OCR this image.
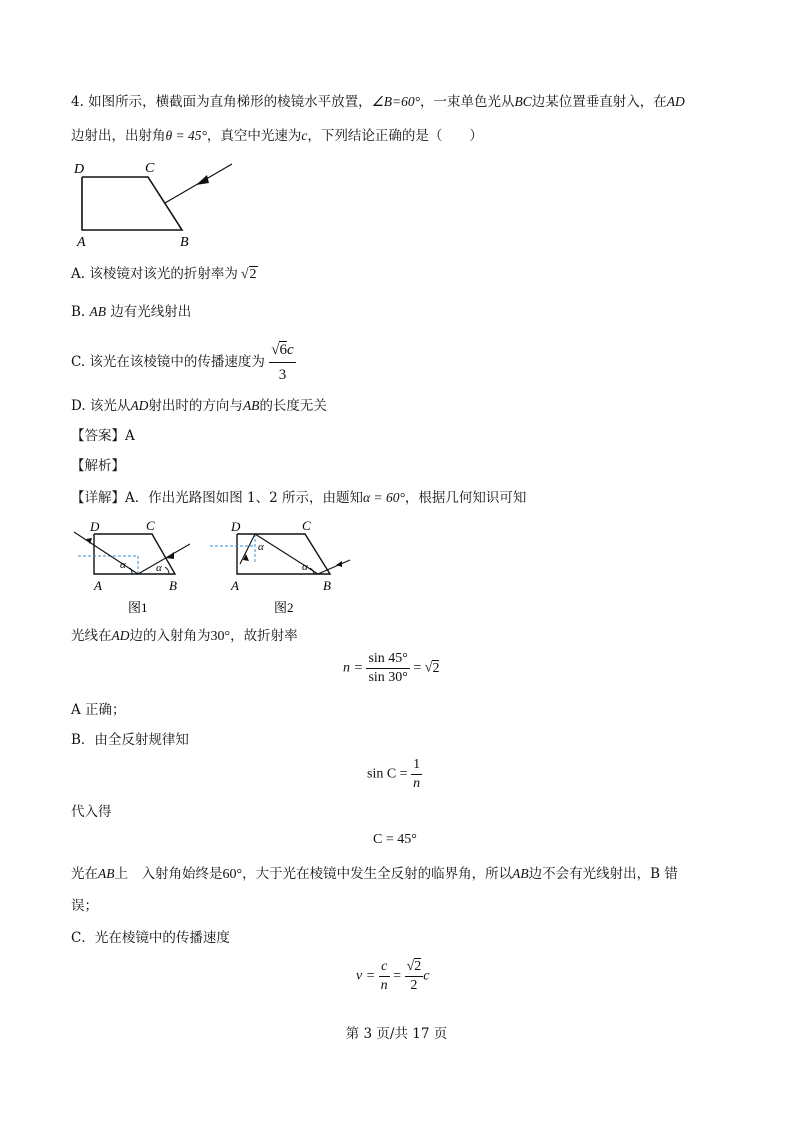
4. 如图所示，横截面为直角梯形的棱镜水平放置，∠B=60°，一束单色光从BC边某位置垂直射入，在AD
边射出，出射角θ = 45°，真空中光速为c，下列结论正确的是（　　）
D	C
A	B
A. 该棱镜对该光的折射率为 √2
B. AB 边有光线射出
C. 该光在该棱镜中的传播速度为 $\frac{√6c}{3}$
D. 该光从AD射出时的方向与AB的长度无关
【答案】A
【解析】
【详解】A．作出光路图如图 1、2 所示，由题知α = 60°，根据几何知识可知
D	C
A	B
α	α
图1
D	C
A	B
α
α
图2
光线在AD边的入射角为30°，故折射率
$n = \frac{\sin 45^\circ}{\sin 30^\circ} = √2$
A 正确；
B．由全反射规律知
$\sin C = \frac{1}{n}$
代入得
C = 45°
光在AB上　入射角始终是60°，大于光在棱镜中发生全反射的临界角，所以AB边不会有光线射出，B 错
误；
C．光在棱镜中的传播速度
$v = \frac{c}{n} = \frac{√2}{2}$ c
第 3 页/共 17 页
